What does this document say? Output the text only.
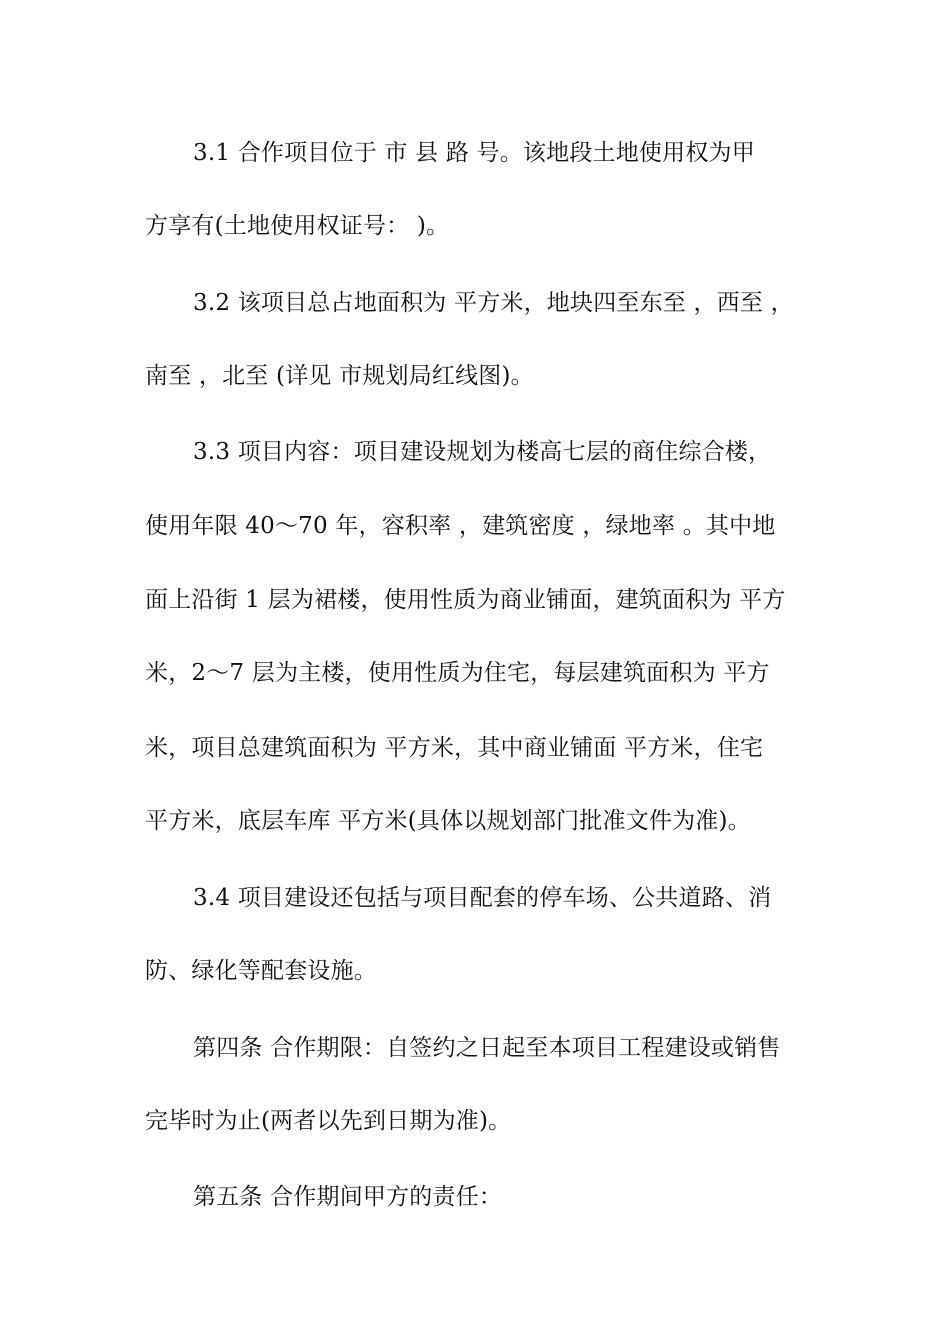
3.1 合作项目位于 市 县 路 号。该地段土地使用权为甲
方享有(土地使用权证号： )。
3.2 该项目总占地面积为 平方米，地块四至东至 ，西至 ，
南至 ，北至 (详见 市规划局红线图)。
3.3 项目内容：项目建设规划为楼高七层的商住综合楼，
使用年限 40～70 年，容积率 ，建筑密度 ，绿地率 。其中地
面上沿街 1 层为裙楼，使用性质为商业铺面，建筑面积为 平方
米，2～7 层为主楼，使用性质为住宅，每层建筑面积为 平方
米，项目总建筑面积为 平方米，其中商业铺面 平方米，住宅
平方米，底层车库 平方米(具体以规划部门批准文件为准)。
3.4 项目建设还包括与项目配套的停车场、公共道路、消
防、绿化等配套设施。
第四条 合作期限：自签约之日起至本项目工程建设或销售
完毕时为止(两者以先到日期为准)。
第五条 合作期间甲方的责任：
